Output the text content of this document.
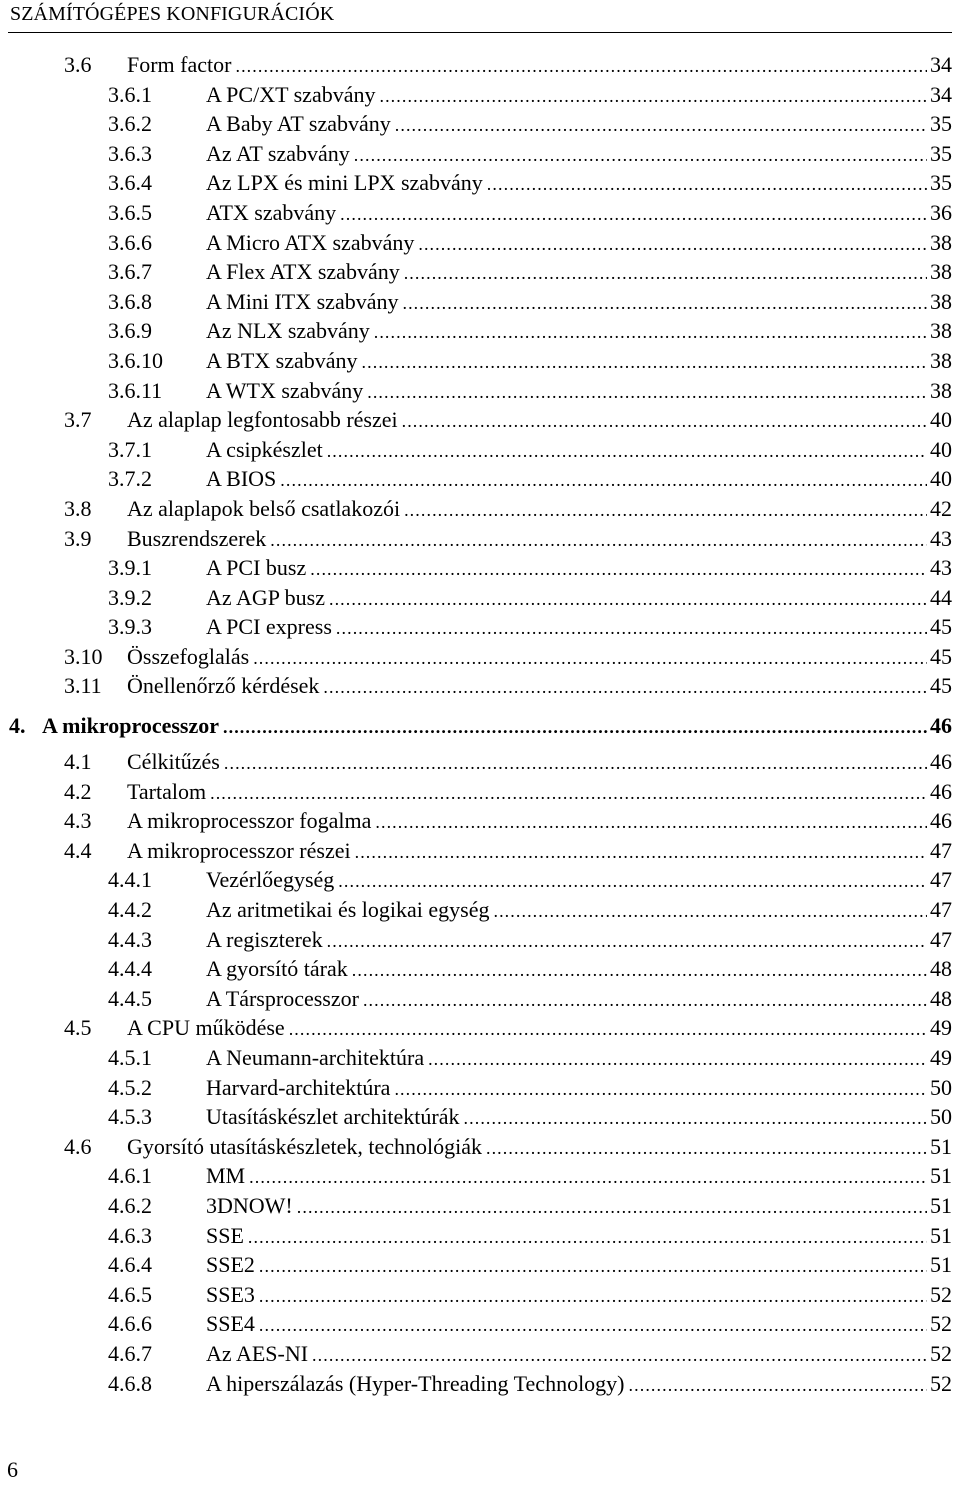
SZÁMÍTÓGÉPES KONFIGURÁCIÓK
3.6 Form factor .....	34
3.6.1 A PC/XT szabvány .....	34
3.6.2 A Baby AT szabvány .....	35
3.6.3 Az AT szabvány .....	35
3.6.4 Az LPX és mini LPX szabvány .....	35
3.6.5 ATX szabvány .....	36
3.6.6 A Micro ATX szabvány .....	38
3.6.7 A Flex ATX szabvány .....	38
3.6.8 A Mini ITX szabvány .....	38
3.6.9 Az NLX szabvány .....	38
3.6.10 A BTX szabvány .....	38
3.6.11 A WTX szabvány .....	38
3.7 Az alaplap legfontosabb részei .....	40
3.7.1 A csipkészlet .....	40
3.7.2 A BIOS .....	40
3.8 Az alaplapok belső csatlakozói .....	42
3.9 Buszrendszerek .....	43
3.9.1 A PCI busz .....	43
3.9.2 Az AGP busz .....	44
3.9.3 A PCI express .....	45
3.10 Összefoglalás .....	45
3.11 Önellenőrző kérdések .....	45
4. A mikroprocesszor .....	46
4.1 Célkitűzés .....	46
4.2 Tartalom .....	46
4.3 A mikroprocesszor fogalma .....	46
4.4 A mikroprocesszor részei .....	47
4.4.1 Vezérlőegység .....	47
4.4.2 Az aritmetikai és logikai egység .....	47
4.4.3 A regiszterek .....	47
4.4.4 A gyorsító tárak .....	48
4.4.5 A Társprocesszor .....	48
4.5 A CPU működése .....	49
4.5.1 A Neumann-architektúra .....	49
4.5.2 Harvard-architektúra .....	50
4.5.3 Utasításkészlet architektúrák .....	50
4.6 Gyorsító utasításkészletek, technológiák .....	51
4.6.1 MM .....	51
4.6.2 3DNOW! .....	51
4.6.3 SSE .....	51
4.6.4 SSE2 .....	51
4.6.5 SSE3 .....	52
4.6.6 SSE4 .....	52
4.6.7 Az AES-NI .....	52
4.6.8 A hiperszálazás (Hyper-Threading Technology) .....	52
6
